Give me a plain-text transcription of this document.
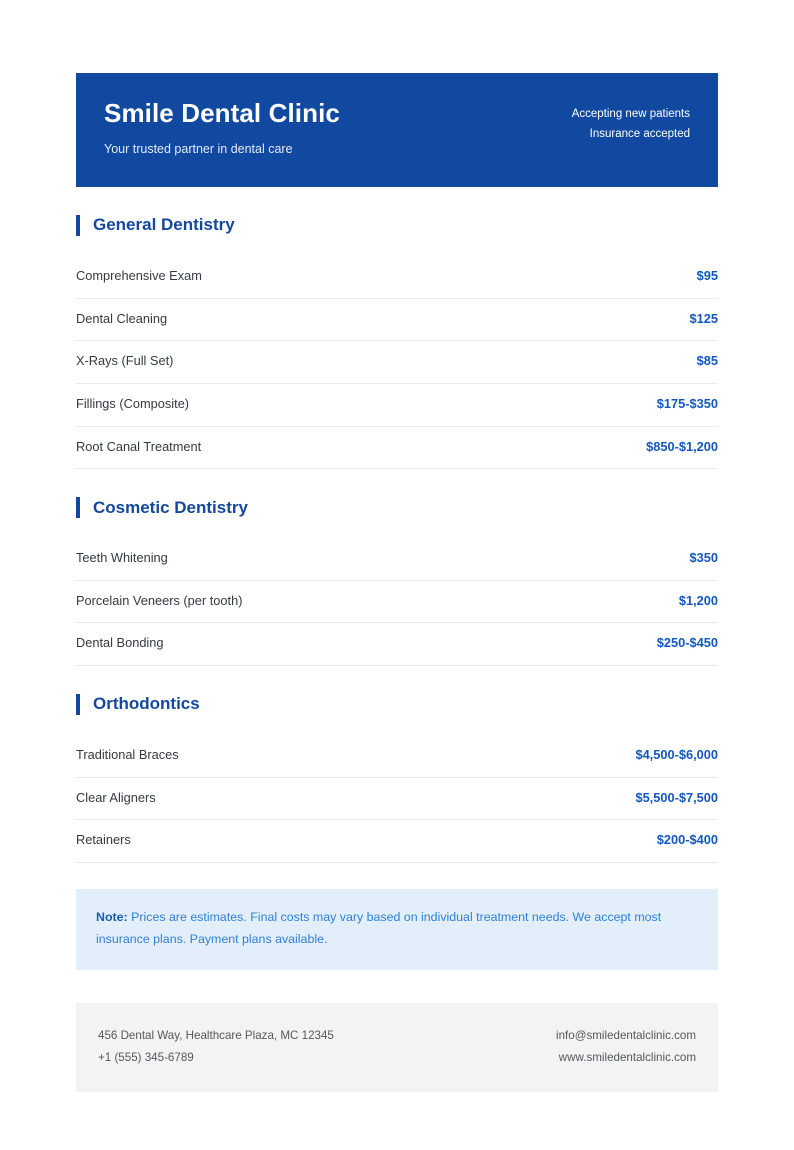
Smile Dental Clinic
Your trusted partner in dental care
Accepting new patients
Insurance accepted
General Dentistry
Comprehensive Exam	$95
Dental Cleaning	$125
X-Rays (Full Set)	$85
Fillings (Composite)	$175-$350
Root Canal Treatment	$850-$1,200
Cosmetic Dentistry
Teeth Whitening	$350
Porcelain Veneers (per tooth)	$1,200
Dental Bonding	$250-$450
Orthodontics
Traditional Braces	$4,500-$6,000
Clear Aligners	$5,500-$7,500
Retainers	$200-$400
Note: Prices are estimates. Final costs may vary based on individual treatment needs. We accept most insurance plans. Payment plans available.
456 Dental Way, Healthcare Plaza, MC 12345
+1 (555) 345-6789
info@smiledentalclinic.com
www.smiledentalclinic.com
